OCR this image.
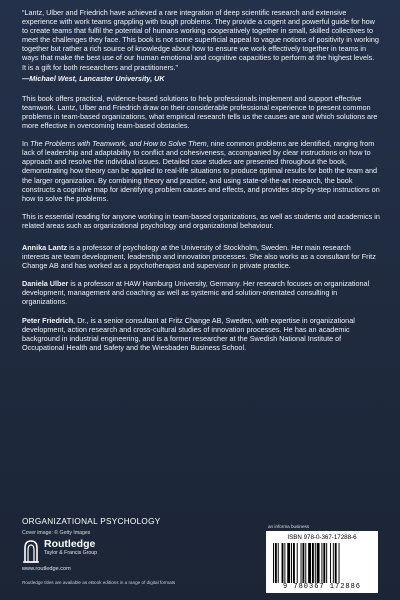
“Lantz, Ulber and Friedrich have achieved a rare integration of deep scientific research and extensive experience with work teams grappling with tough problems. They provide a cogent and powerful guide for how to create teams that fulfil the potential of humans working cooperatively together in small, skilled collectives to meet the challenges they face. This book is not some superficial appeal to vague notions of positivity in working together but rather a rich source of knowledge about how to ensure we work effectively together in teams in ways that make the best use of our human emotional and cognitive capacities to perform at the highest levels. It is a gift for both researchers and practitioners.”

—Michael West, Lancaster University, UK

This book offers practical, evidence-based solutions to help professionals implement and support effective teamwork. Lantz, Ulber and Friedrich draw on their considerable professional experience to present common problems in team-based organizations, what empirical research tells us the causes are and which solutions are more effective in overcoming team-based obstacles.

In The Problems with Teamwork, and How to Solve Them, nine common problems are identified, ranging from lack of leadership and adaptability to conflict and cohesiveness, accompanied by clear instructions on how to approach and resolve the individual issues. Detailed case studies are presented throughout the book, demonstrating how theory can be applied to real-life situations to produce optimal results for both the team and the larger organization. By combining theory and practice, and using state-of-the-art research, the book constructs a cognitive map for identifying problem causes and effects, and provides step-by-step instructions on how to solve the problems.

This is essential reading for anyone working in team-based organizations, as well as students and academics in related areas such as organizational psychology and organizational behaviour.

Annika Lantz is a professor of psychology at the University of Stockholm, Sweden. Her main research interests are team development, leadership and innovation processes. She also works as a consultant for Fritz Change AB and has worked as a psychotherapist and supervisor in private practice.

Daniela Ulber is a professor at HAW Hamburg University, Germany. Her research focuses on organizational development, management and coaching as well as systemic and solution-orientated consulting in organizations.

Peter Friedrich, Dr., is a senior consultant at Fritz Change AB, Sweden, with expertise in organizational development, action research and cross-cultural studies of innovation processes. He has an academic background in industrial engineering, and is a former researcher at the Swedish National Institute of Occupational Health and Safety and the Wiesbaden Business School.

ORGANIZATIONAL PSYCHOLOGY
Cover image: © Getty Images
Routledge
Taylor & Francis Group
www.routledge.com
Routledge titles are available as eBook editions in a range of digital formats
an informa business
ISBN 978-0-367-17288-6
9 780367 172886
